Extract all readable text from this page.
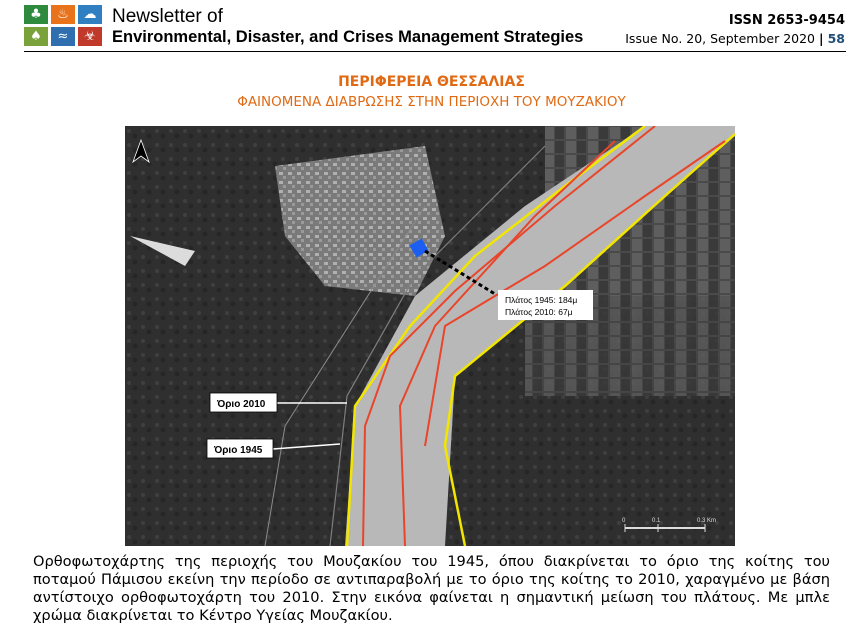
♣	♨	☁
♠	≈	☣
Newsletter of
Environmental, Disaster, and Crises Management Strategies
ISSN 2653-9454
Issue No. 20, September 2020 | 58
ΠΕΡΙΦΕΡΕΙΑ ΘΕΣΣΑΛΙΑΣ
ΦΑΙΝΟΜΕΝΑ ΔΙΑΒΡΩΣΗΣ ΣΤΗΝ ΠΕΡΙΟΧΗ ΤΟΥ ΜΟΥΖΑΚΙΟΥ
Πλάτος 1945: 184μ
Πλάτος 2010: 67μ
Όριο 2010
Όριο 1945
0	0.1	0.3 Km
Ορθοφωτοχάρτης της περιοχής του Μουζακίου του 1945, όπου διακρίνεται το όριο της κοίτης του ποταμού Πάμισου εκείνη την περίοδο σε αντιπαραβολή με το όριο της κοίτης το 2010, χαραγμένο με βάση αντίστοιχο ορθοφωτοχάρτη του 2010. Στην εικόνα φαίνεται η σημαντική μείωση του πλάτους. Με μπλε χρώμα διακρίνεται το Κέντρο Υγείας Μουζακίου.
